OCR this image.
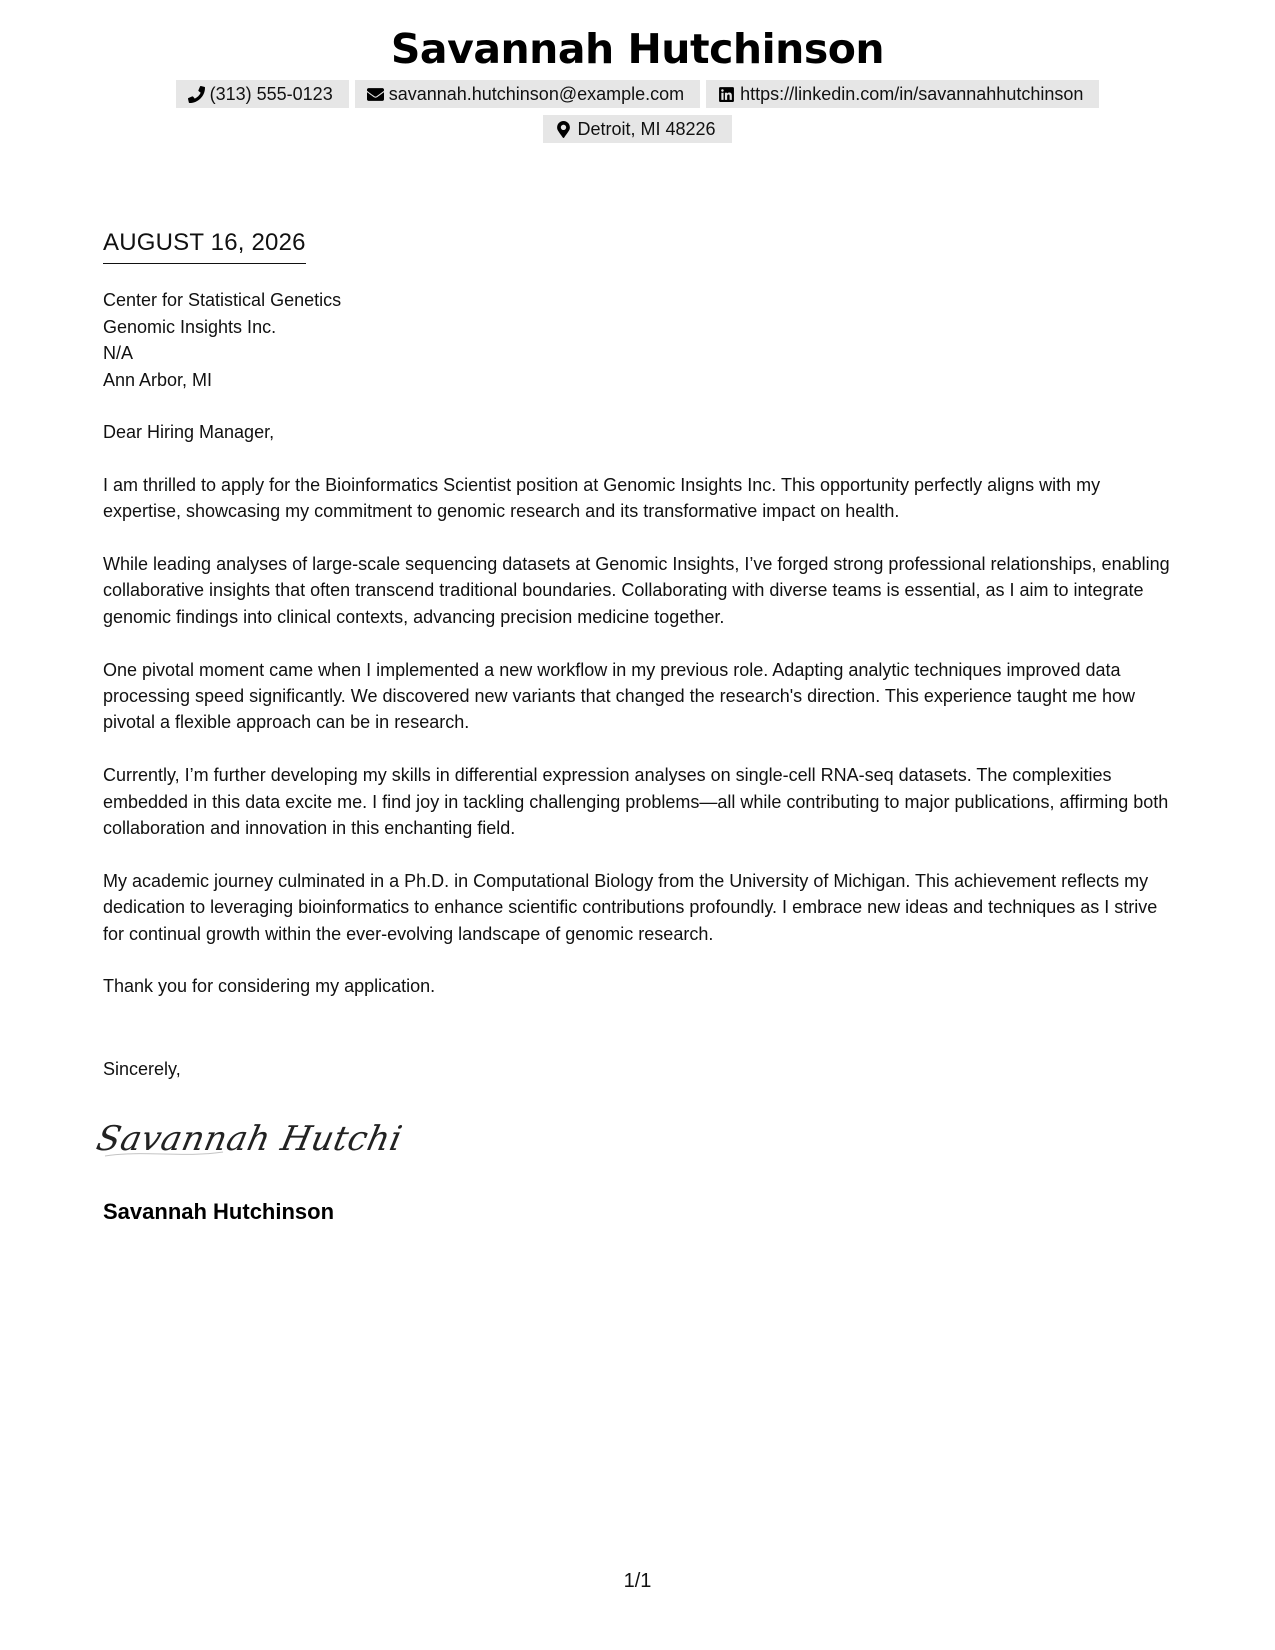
Savannah Hutchinson
(313) 555-0123	savannah.hutchinson@example.com	https://linkedin.com/in/savannahhutchinson
Detroit, MI 48226
AUGUST 16, 2026
Center for Statistical Genetics
Genomic Insights Inc.
N/A
Ann Arbor, MI

Dear Hiring Manager,

I am thrilled to apply for the Bioinformatics Scientist position at Genomic Insights Inc. This opportunity perfectly aligns with my expertise, showcasing my commitment to genomic research and its transformative impact on health.

While leading analyses of large-scale sequencing datasets at Genomic Insights, I’ve forged strong professional relationships, enabling collaborative insights that often transcend traditional boundaries. Collaborating with diverse teams is essential, as I aim to integrate genomic findings into clinical contexts, advancing precision medicine together.

One pivotal moment came when I implemented a new workflow in my previous role. Adapting analytic techniques improved data processing speed significantly. We discovered new variants that changed the research's direction. This experience taught me how pivotal a flexible approach can be in research.

Currently, I’m further developing my skills in differential expression analyses on single-cell RNA-seq datasets. The complexities embedded in this data excite me. I find joy in tackling challenging problems—all while contributing to major publications, affirming both collaboration and innovation in this enchanting field.

My academic journey culminated in a Ph.D. in Computational Biology from the University of Michigan. This achievement reflects my dedication to leveraging bioinformatics to enhance scientific contributions profoundly. I embrace new ideas and techniques as I strive for continual growth within the ever-evolving landscape of genomic research.

Thank you for considering my application.

Sincerely,
Savannah Hutchi
Savannah Hutchinson
1/1
